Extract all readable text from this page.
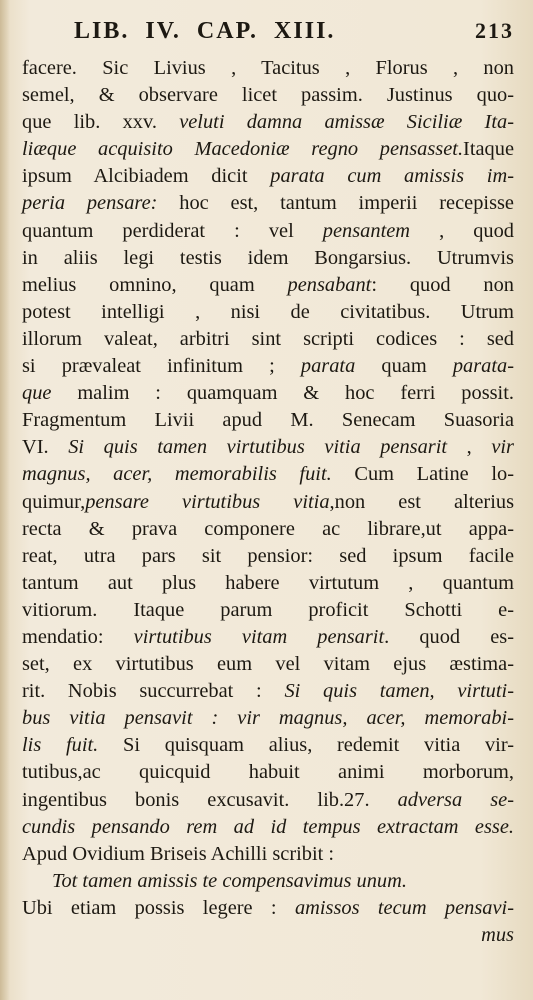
LIB. IV. CAP. XIII.	213
facere. Sic Livius , Tacitus , Florus , non
semel, & observare licet passim. Justinus quo-
que lib. xxv. veluti damna amissæ Siciliæ Ita-
liæque acquisito Macedoniæ regno pensasset.Itaque
ipsum Alcibiadem dicit parata cum amissis im-
peria pensare: hoc est, tantum imperii recepisse
quantum perdiderat : vel pensantem , quod
in aliis legi testis idem Bongarsius. Utrumvis
melius omnino, quam pensabant: quod non
potest intelligi , nisi de civitatibus. Utrum
illorum valeat, arbitri sint scripti codices : sed
si prævaleat infinitum ; parata quam parata-
que malim : quamquam & hoc ferri possit.
Fragmentum Livii apud M. Senecam Suasoria
VI. Si quis tamen virtutibus vitia pensarit , vir
magnus, acer, memorabilis fuit. Cum Latine lo-
quimur,pensare virtutibus vitia,non est alterius
recta & prava componere ac librare,ut appa-
reat, utra pars sit pensior: sed ipsum facile
tantum aut plus habere virtutum , quantum
vitiorum. Itaque parum proficit Schotti e-
mendatio: virtutibus vitam pensarit. quod es-
set, ex virtutibus eum vel vitam ejus æstima-
rit. Nobis succurrebat : Si quis tamen, virtuti-
bus vitia pensavit : vir magnus, acer, memorabi-
lis fuit. Si quisquam alius, redemit vitia vir-
tutibus,ac quicquid habuit animi morborum,
ingentibus bonis excusavit. lib.27. adversa se-
cundis pensando rem ad id tempus extractam esse.
Apud Ovidium Briseis Achilli scribit :
Tot tamen amissis te compensavimus unum.
Ubi etiam possis legere : amissos tecum pensavi-
mus
